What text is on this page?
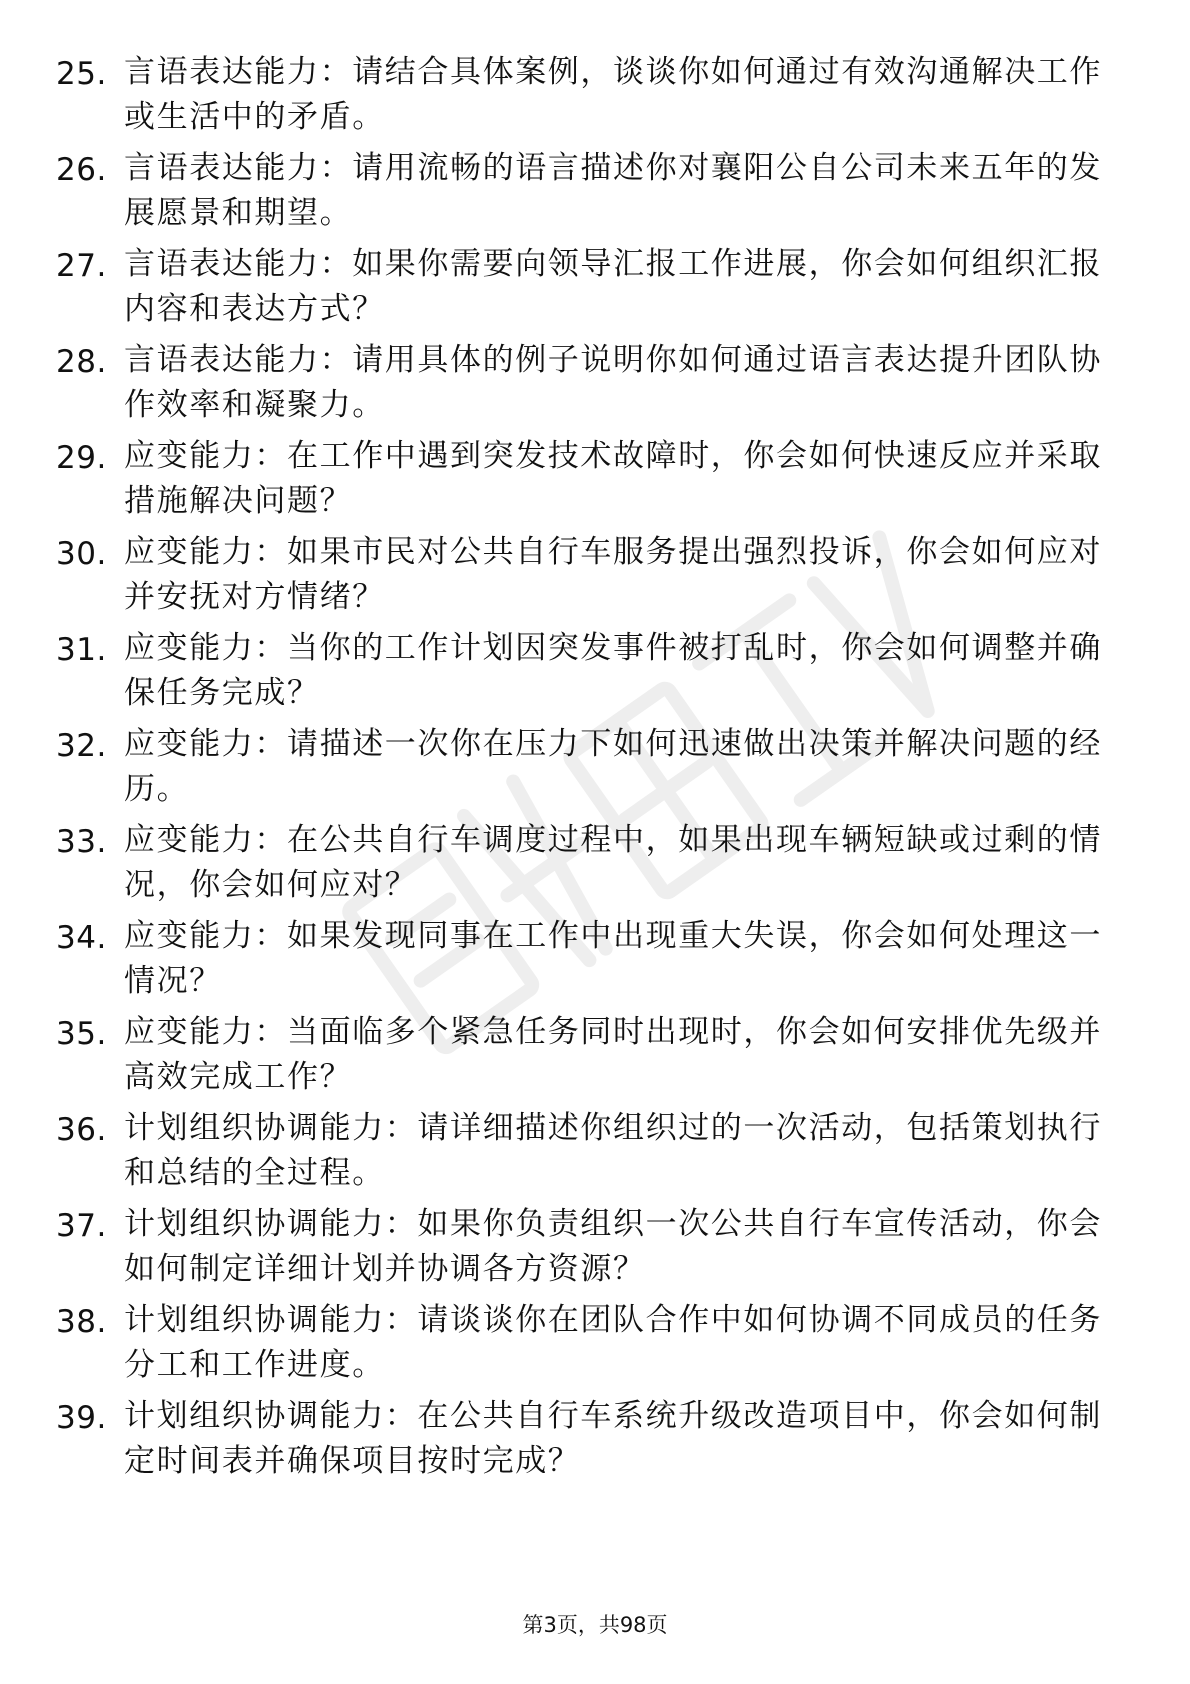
25. 言语表达能力：请结合具体案例，谈谈你如何通过有效沟通解决工作或生活中的矛盾。
26. 言语表达能力：请用流畅的语言描述你对襄阳公自公司未来五年的发展愿景和期望。
27. 言语表达能力：如果你需要向领导汇报工作进展，你会如何组织汇报内容和表达方式？
28. 言语表达能力：请用具体的例子说明你如何通过语言表达提升团队协作效率和凝聚力。
29. 应变能力：在工作中遇到突发技术故障时，你会如何快速反应并采取措施解决问题？
30. 应变能力：如果市民对公共自行车服务提出强烈投诉，你会如何应对并安抚对方情绪？
31. 应变能力：当你的工作计划因突发事件被打乱时，你会如何调整并确保任务完成？
32. 应变能力：请描述一次你在压力下如何迅速做出决策并解决问题的经历。
33. 应变能力：在公共自行车调度过程中，如果出现车辆短缺或过剩的情况，你会如何应对？
34. 应变能力：如果发现同事在工作中出现重大失误，你会如何处理这一情况？
35. 应变能力：当面临多个紧急任务同时出现时，你会如何安排优先级并高效完成工作？
36. 计划组织协调能力：请详细描述你组织过的一次活动，包括策划执行和总结的全过程。
37. 计划组织协调能力：如果你负责组织一次公共自行车宣传活动，你会如何制定详细计划并协调各方资源？
38. 计划组织协调能力：请谈谈你在团队合作中如何协调不同成员的任务分工和工作进度。
39. 计划组织协调能力：在公共自行车系统升级改造项目中，你会如何制定时间表并确保项目按时完成？
第3页，共98页
